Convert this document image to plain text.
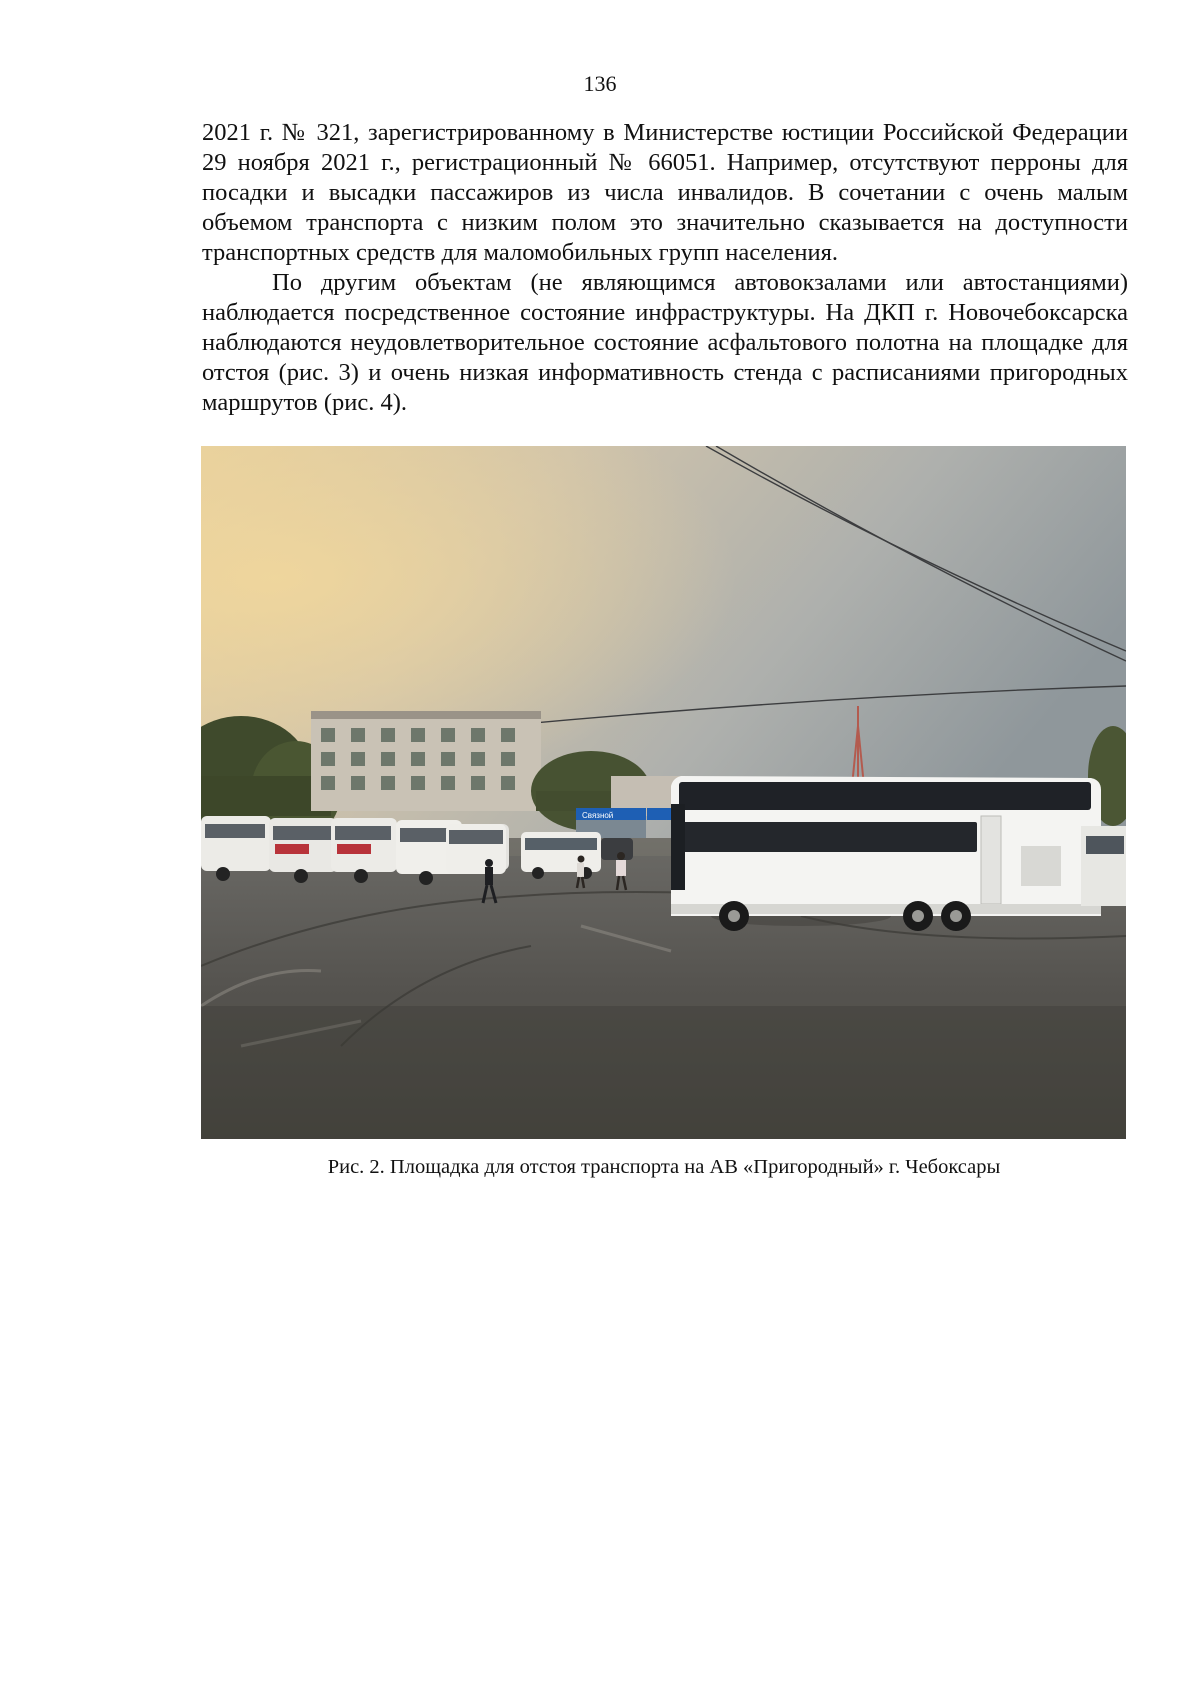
136

2021 г. № 321, зарегистрированному в Министерстве юстиции Российской Федерации 29 ноября 2021 г., регистрационный № 66051. Например, отсутствуют перроны для посадки и высадки пассажиров из числа инвалидов. В сочетании с очень малым объемом транспорта с низким полом это значительно сказывается на доступности транспортных средств для маломобильных групп населения.

По другим объектам (не являющимся автовокзалами или автостанциями) наблюдается посредственное состояние инфраструктуры. На ДКП г. Новочебоксарска наблюдаются неудовлетворительное состояние асфальтового полотна на площадке для отстоя (рис. 3) и очень низкая информативность стенда с расписаниями пригородных маршрутов (рис. 4).

Связной
Рис. 2. Площадка для отстоя транспорта на АВ «Пригородный» г. Чебоксары
